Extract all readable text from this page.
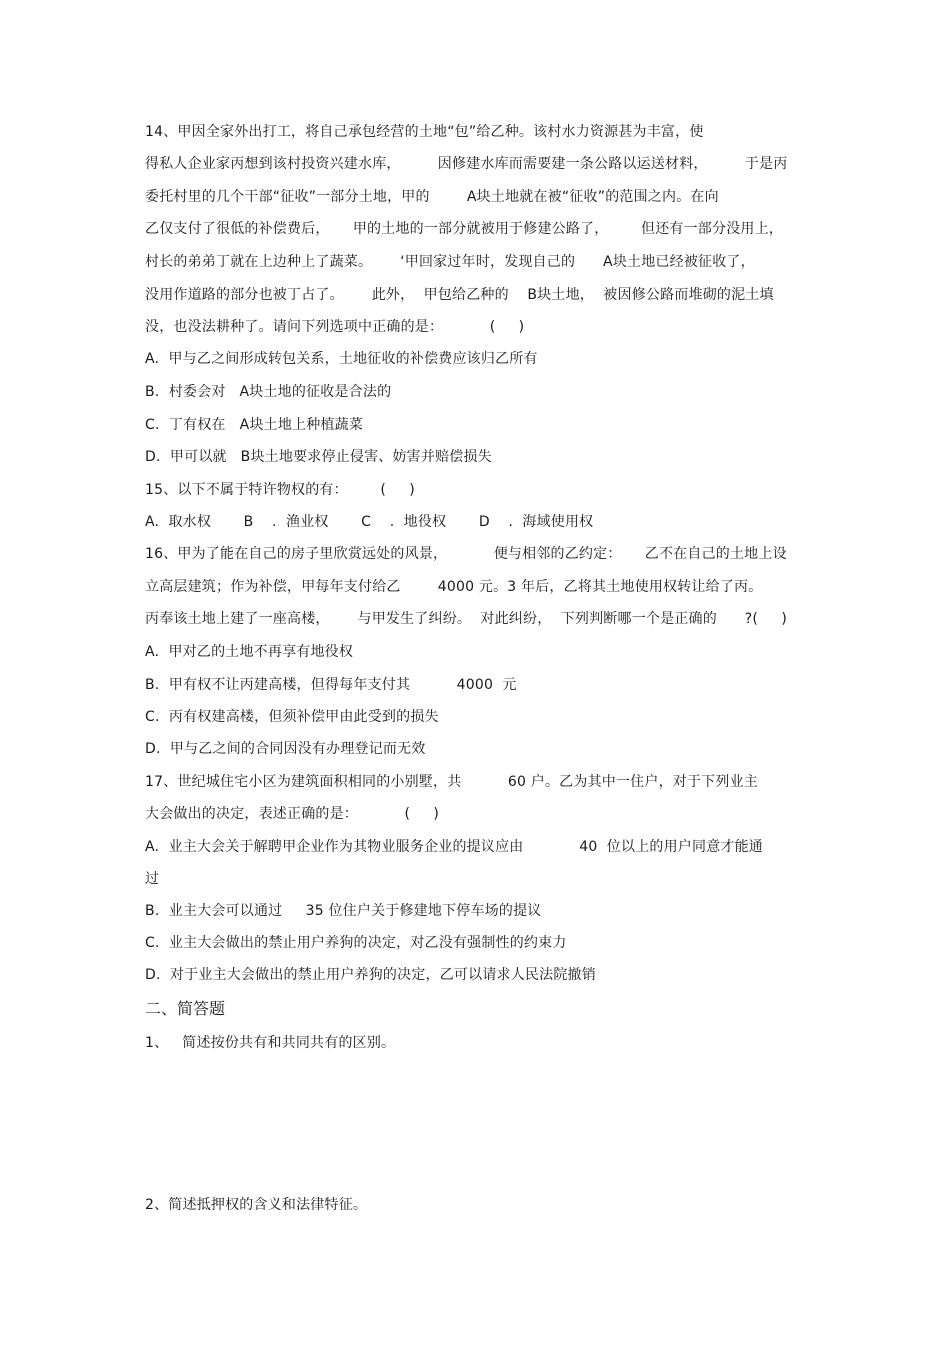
14、甲因全家外出打工，将自己承包经营的土地“包”给乙种。该村水力资源甚为丰富，使
得私人企业家丙想到该村投资兴建水库，        因修建水库而需要建一条公路以运送材料，        于是丙
委托村里的几个干部“征收”一部分土地，甲的        A块土地就在被“征收”的范围之内。在向
乙仅支付了很低的补偿费后，     甲的土地的一部分就被用于修建公路了，       但还有一部分没用上，
村长的弟弟丁就在上边种上了蔬菜。      ‘甲回家过年时，发现自己的      A块土地已经被征收了，
没用作道路的部分也被丁占了。      此外，  甲包给乙种的    B块土地，  被因修公路而堆砌的泥土填
没，也没法耕种了。请问下列选项中正确的是：          (     )
A.  甲与乙之间形成转包关系，土地征收的补偿费应该归乙所有
B.  村委会对   A块土地的征收是合法的
C.  丁有权在   A块土地上种植蔬菜
D.  甲可以就   B块土地要求停止侵害、妨害并赔偿损失
15、以下不属于特许物权的有：       (     )
A.  取水权       B    .  渔业权       C    .  地役权       D    .  海域使用权
16、甲为了能在自己的房子里欣赏远处的风景，          便与相邻的乙约定：     乙不在自己的土地上设
立高层建筑；作为补偿，甲每年支付给乙        4000 元。3 年后，乙将其土地使用权转让给了丙。
丙奉该土地上建了一座高楼，      与甲发生了纠纷。  对此纠纷，  下列判断哪一个是正确的      ?(     )
A.  甲对乙的土地不再享有地役权
B.  甲有权不让丙建高楼，但得每年支付其          4000  元
C.  丙有权建高楼，但须补偿甲由此受到的损失
D.  甲与乙之间的合同因没有办理登记而无效
17、世纪城住宅小区为建筑面积相同的小别墅，共          60 户。乙为其中一住户，对于下列业主
大会做出的决定，表述正确的是：          (     )
A.  业主大会关于解聘甲企业作为其物业服务企业的提议应由            40  位以上的用户同意才能通
过
B.  业主大会可以通过     35 位住户关于修建地下停车场的提议
C.  业主大会做出的禁止用户养狗的决定，对乙没有强制性的约束力
D.  对于业主大会做出的禁止用户养狗的决定，乙可以请求人民法院撤销
二、简答题
1、   简述按份共有和共同共有的区别。
2、简述抵押权的含义和法律特征。
